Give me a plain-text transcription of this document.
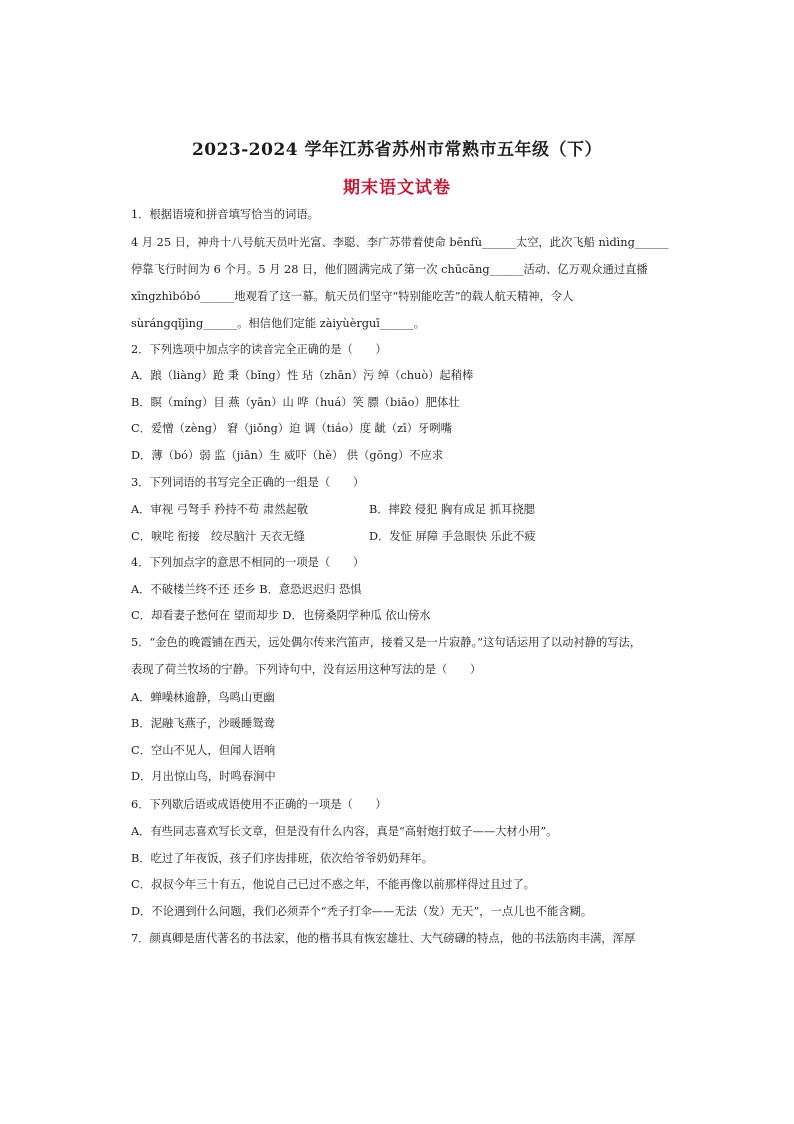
2023-2024 学年江苏省苏州市常熟市五年级（下）
期末语文试卷
1．根据语境和拼音填写恰当的词语。
4 月 25 日，神舟十八号航天员叶光富、李聪、李广苏带着使命 bēnfù______太空，此次飞船 nìdìng______
停靠飞行时间为 6 个月。5 月 28 日，他们圆满完成了第一次 chūcāng______活动、亿万观众通过直播
xīngzhìbóbó______地观看了这一幕。航天员们坚守“特别能吃苦”的载人航天精神，令人
sùrángqǐjìng______。相信他们定能 zàiyùèrguī______。
2．下列选项中加点字的读音完全正确的是（　　）
A．踉（liàng）跄 秉（bǐng）性 玷（zhān）污 绰（chuò）起稍棒
B．瞑（míng）目 燕（yān）山 哗（huá）笑 膘（biāo）肥体壮
C．爱憎（zèng） 窘（jiǒng）迫 调（tiáo）度 龇（zī）牙咧嘴
D．薄（bó）弱 监（jiān）生 威吓（hè） 供（gōng）不应求
3．下列词语的书写完全正确的一组是（　　）
A．审视 弓弩手 矜持不苟 肃然起敬	B．摔跤 侵犯 胸有成足 抓耳挠腮
C．唳咤 衔接　绞尽脑汁 天衣无缝	D．发怔 屏障 手急眼快 乐此不疲
4．下列加点字的意思不相同的一项是（　　）
A．不破楼兰终不还 还乡 B．意恐迟迟归 恐惧
C．却看妻子愁何在 望而却步 D．也傍桑阴学种瓜 依山傍水
5．“金色的晚霞铺在西天，远处偶尔传来汽笛声，接着又是一片寂静。”这句话运用了以动衬静的写法，
表现了荷兰牧场的宁静。下列诗句中，没有运用这种写法的是（　　）
A．蝉噪林逾静，鸟鸣山更幽
B．泥融飞燕子，沙暖睡鸳鸯
C．空山不见人，但闻人语响
D．月出惊山鸟，时鸣春涧中
6．下列歇后语或成语使用不正确的一项是（　　）
A．有些同志喜欢写长文章，但是没有什么内容，真是“高射炮打蚊子——大材小用”。
B．吃过了年夜饭，孩子们序齿排班，依次给爷爷奶奶拜年。
C．叔叔今年三十有五，他说自己已过不惑之年，不能再像以前那样得过且过了。
D．不论遇到什么问题，我们必须弄个“秃子打伞——无法（发）无天”，一点儿也不能含糊。
7．颜真卿是唐代著名的书法家，他的楷书具有恢宏雄壮、大气磅礴的特点，他的书法筋肉丰满，浑厚
